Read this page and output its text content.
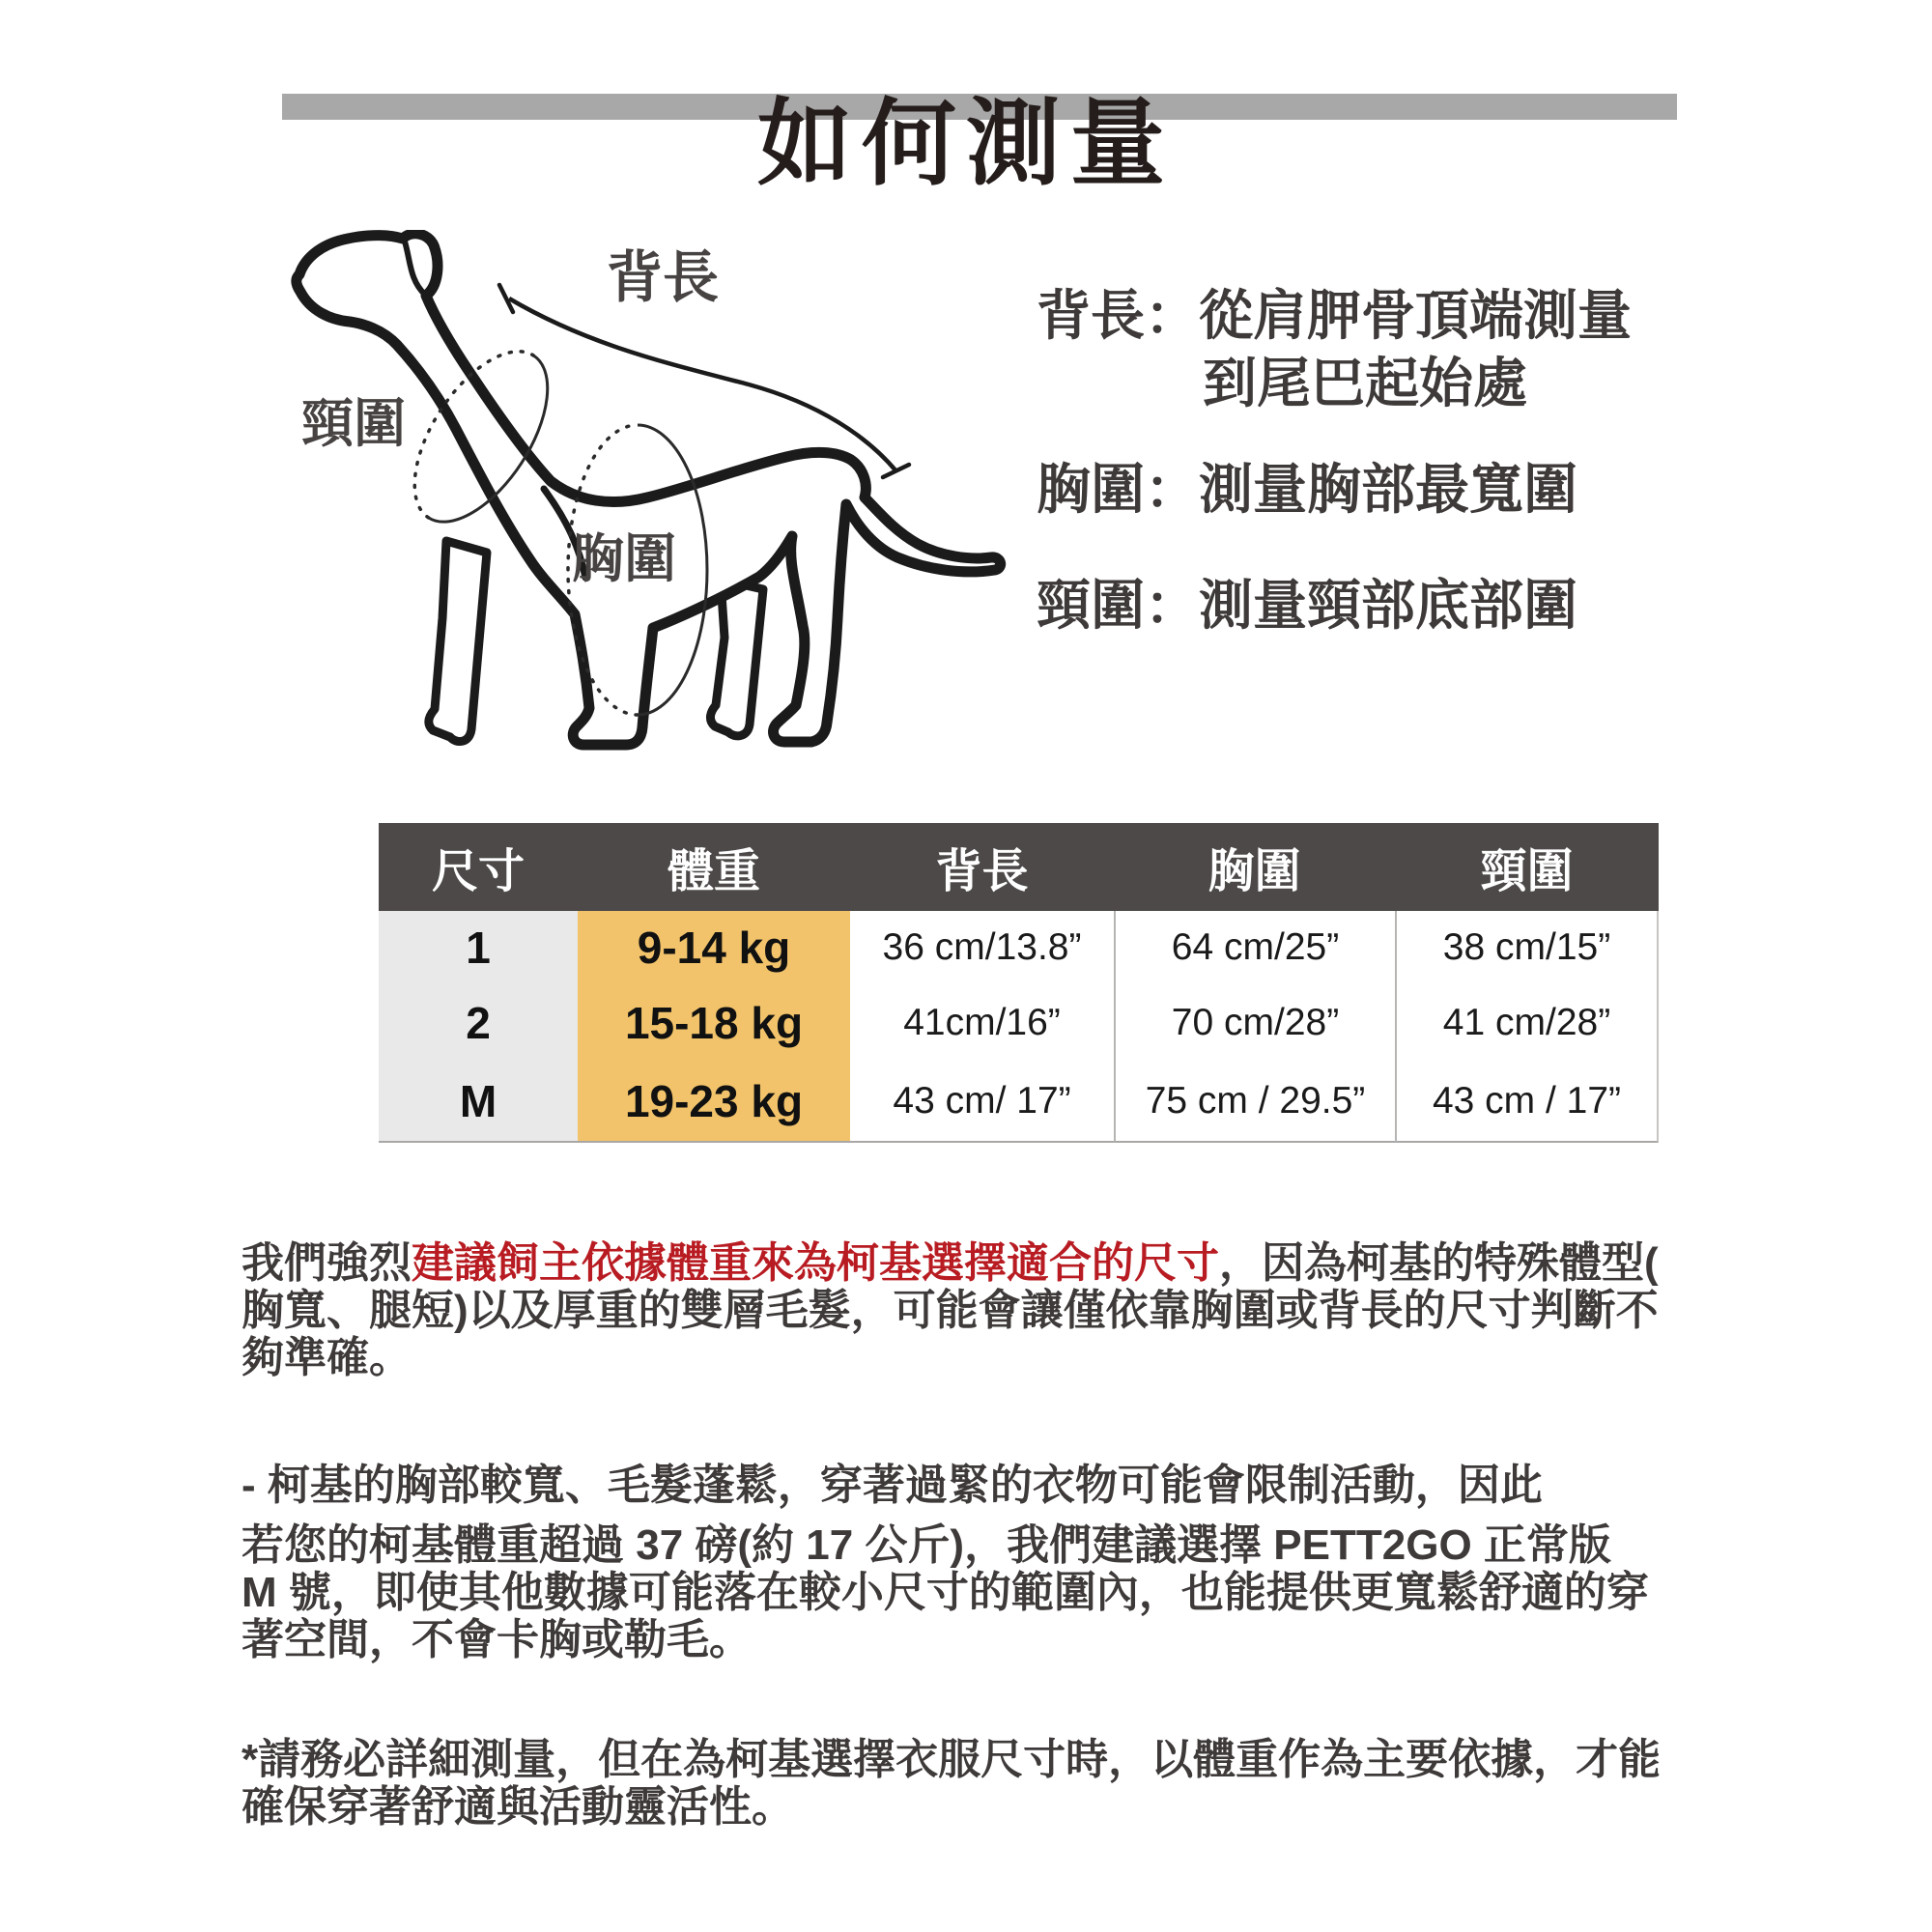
如何測量
背長
頸圍
胸圍
背長：從肩胛骨頂端測量
到尾巴起始處
胸圍：測量胸部最寬圍
頸圍：測量頸部底部圍
尺寸	體重	背長	胸圍	頸圍
1	9-14 kg	36 cm/13.8”	64 cm/25”	38 cm/15”
2	15-18 kg	41cm/16”	70 cm/28”	41 cm/28”
M	19-23 kg	43 cm/ 17”	75 cm / 29.5”	43 cm / 17”
我們強烈建議飼主依據體重來為柯基選擇適合的尺寸，因為柯基的特殊體型(
胸寬、腿短)以及厚重的雙層毛髮，可能會讓僅依靠胸圍或背長的尺寸判斷不
夠準確。
- 柯基的胸部較寬、毛髮蓬鬆，穿著過緊的衣物可能會限制活動，因此
若您的柯基體重超過 37 磅(約 17 公斤)，我們建議選擇 PETT2GO 正常版
M 號，即使其他數據可能落在較小尺寸的範圍內，也能提供更寬鬆舒適的穿
著空間，不會卡胸或勒毛。
*請務必詳細測量，但在為柯基選擇衣服尺寸時，以體重作為主要依據，才能
確保穿著舒適與活動靈活性。
